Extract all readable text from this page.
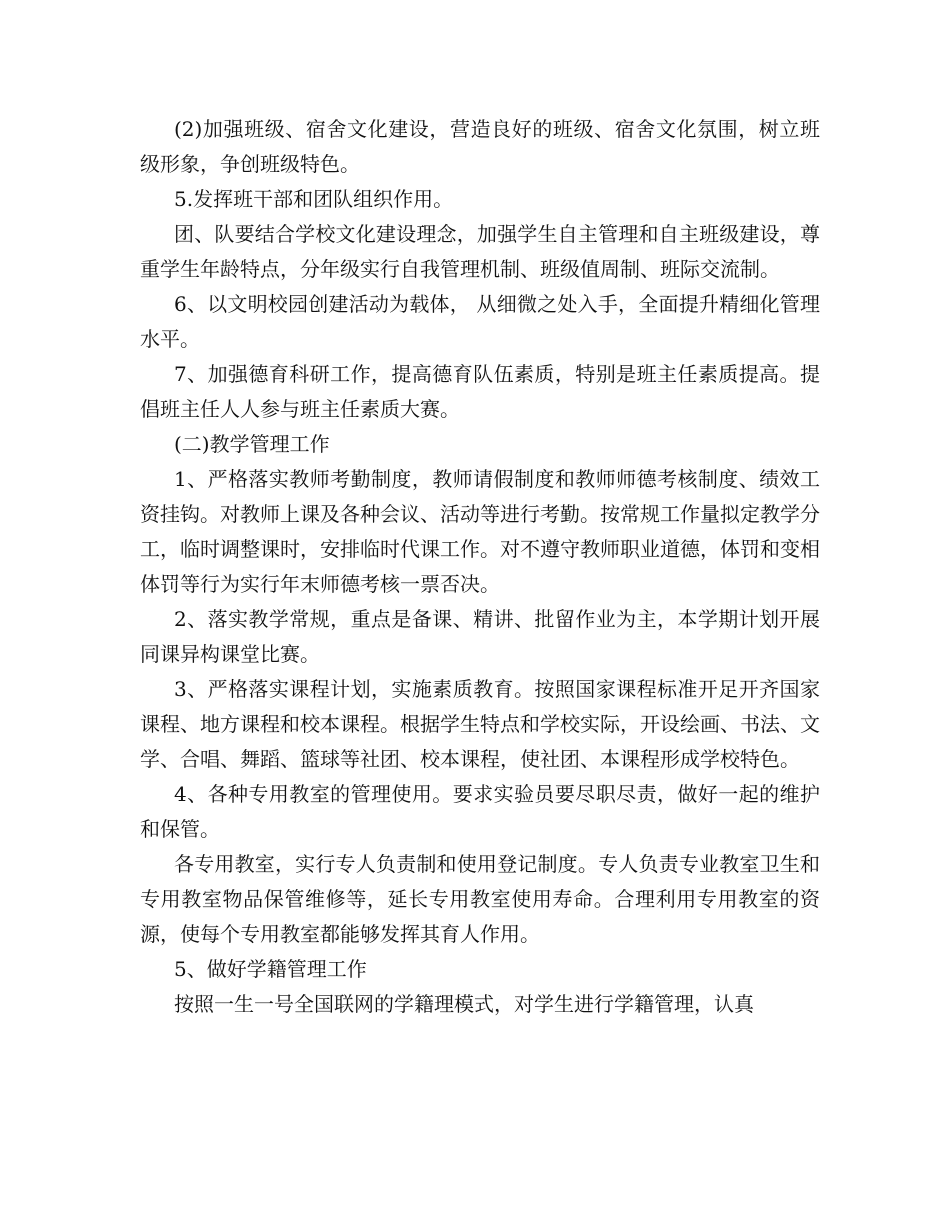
(2)加强班级、宿舍文化建设，营造良好的班级、宿舍文化氛围，树立班级形象，争创班级特色。

5.发挥班干部和团队组织作用。

团、队要结合学校文化建设理念，加强学生自主管理和自主班级建设，尊重学生年龄特点，分年级实行自我管理机制、班级值周制、班际交流制。

6、以文明校园创建活动为载体， 从细微之处入手，全面提升精细化管理水平。

7、加强德育科研工作，提高德育队伍素质，特别是班主任素质提高。提倡班主任人人参与班主任素质大赛。

(二)教学管理工作

1、严格落实教师考勤制度，教师请假制度和教师师德考核制度、绩效工资挂钩。对教师上课及各种会议、活动等进行考勤。按常规工作量拟定教学分工，临时调整课时，安排临时代课工作。对不遵守教师职业道德，体罚和变相体罚等行为实行年末师德考核一票否决。

2、落实教学常规，重点是备课、精讲、批留作业为主，本学期计划开展同课异构课堂比赛。

3、严格落实课程计划，实施素质教育。按照国家课程标准开足开齐国家课程、地方课程和校本课程。根据学生特点和学校实际，开设绘画、书法、文学、合唱、舞蹈、篮球等社团、校本课程，使社团、本课程形成学校特色。

4、各种专用教室的管理使用。要求实验员要尽职尽责，做好一起的维护和保管。

各专用教室，实行专人负责制和使用登记制度。专人负责专业教室卫生和专用教室物品保管维修等，延长专用教室使用寿命。合理利用专用教室的资源，使每个专用教室都能够发挥其育人作用。

5、做好学籍管理工作

按照一生一号全国联网的学籍理模式，对学生进行学籍管理，认真
